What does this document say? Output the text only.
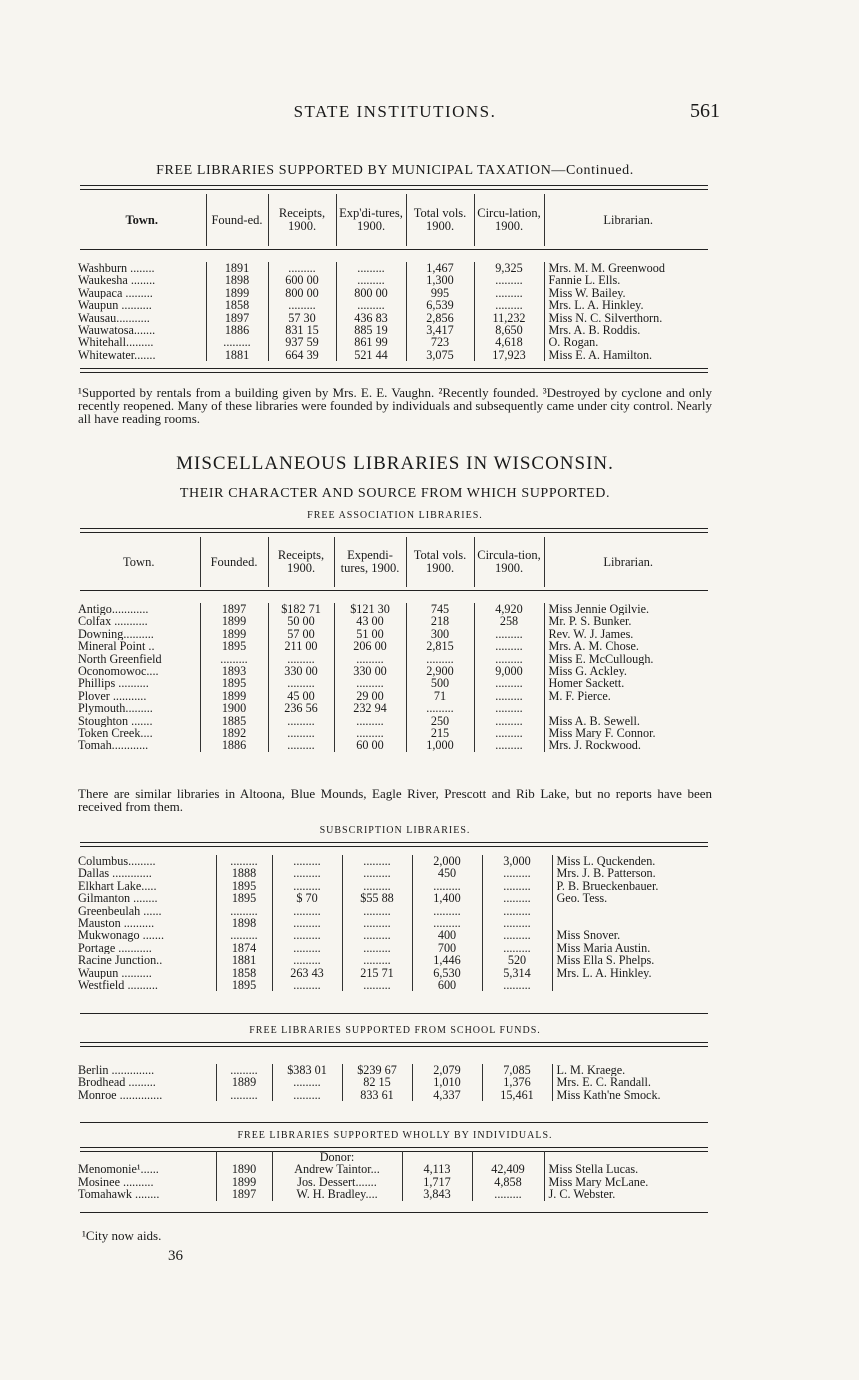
STATE INSTITUTIONS.	561
FREE LIBRARIES SUPPORTED BY MUNICIPAL TAXATION—Continued.
Town.	Found-ed.	Receipts, 1900.	Exp'di-tures, 1900.	Total vols. 1900.	Circu-lation, 1900.	Librarian.
Washburn ........	1891	.........	.........	1,467	9,325	Mrs. M. M. Greenwood
Waukesha ........	1898	600 00	.........	1,300	.........	Fannie L. Ells.
Waupaca .........	1899	800 00	800 00	995	.........	Miss W. Bailey.
Waupun ..........	1858	.........	.........	6,539	.........	Mrs. L. A. Hinkley.
Wausau...........	1897	57 30	436 83	2,856	11,232	Miss N. C. Silverthorn.
Wauwatosa.......	1886	831 15	885 19	3,417	8,650	Mrs. A. B. Roddis.
Whitehall.........	.........	937 59	861 99	723	4,618	O. Rogan.
Whitewater.......	1881	664 39	521 44	3,075	17,923	Miss E. A. Hamilton.
¹Supported by rentals from a building given by Mrs. E. E. Vaughn. ²Recently founded. ³Destroyed by cyclone and only recently reopened. Many of these libraries were founded by individuals and subsequently came under city control. Nearly all have reading rooms.
MISCELLANEOUS LIBRARIES IN WISCONSIN.
THEIR CHARACTER AND SOURCE FROM WHICH SUPPORTED.
FREE ASSOCIATION LIBRARIES.
Town.	Founded.	Receipts, 1900.	Expendi-tures, 1900.	Total vols. 1900.	Circula-tion, 1900.	Librarian.
Antigo............	1897	$182 71	$121 30	745	4,920	Miss Jennie Ogilvie.
Colfax ...........	1899	50 00	43 00	218	258	Mr. P. S. Bunker.
Downing..........	1899	57 00	51 00	300	.........	Rev. W. J. James.
Mineral Point ..	1895	211 00	206 00	2,815	.........	Mrs. A. M. Chose.
North Greenfield	.........	.........	.........	.........	.........	Miss E. McCullough.
Oconomowoc....	1893	330 00	330 00	2,900	9,000	Miss G. Ackley.
Phillips ..........	1895	.........	.........	500	.........	Homer Sackett.
Plover ...........	1899	45 00	29 00	71	.........	M. F. Pierce.
Plymouth.........	1900	236 56	232 94	.........	.........	
Stoughton .......	1885	.........	.........	250	.........	Miss A. B. Sewell.
Token Creek....	1892	.........	.........	215	.........	Miss Mary F. Connor.
Tomah............	1886	.........	60 00	1,000	.........	Mrs. J. Rockwood.
There are similar libraries in Altoona, Blue Mounds, Eagle River, Prescott and Rib Lake, but no reports have been received from them.
SUBSCRIPTION LIBRARIES.
Columbus.........	.........	.........	.........	2,000	3,000	Miss L. Quckenden.
Dallas .............	1888	.........	.........	450	.........	Mrs. J. B. Patterson.
Elkhart Lake.....	1895	.........	.........	.........	.........	P. B. Brueckenbauer.
Gilmanton ........	1895	$ 70	$55 88	1,400	.........	Geo. Tess.
Greenbeulah ......	.........	.........	.........	.........	.........	
Mauston ..........	1898	.........	.........	.........	.........	
Mukwonago .......	.........	.........	.........	400	.........	Miss Snover.
Portage ...........	1874	.........	.........	700	.........	Miss Maria Austin.
Racine Junction..	1881	.........	.........	1,446	520	Miss Ella S. Phelps.
Waupun ..........	1858	263 43	215 71	6,530	5,314	Mrs. L. A. Hinkley.
Westfield ..........	1895	.........	.........	600	.........	
FREE LIBRARIES SUPPORTED FROM SCHOOL FUNDS.
Berlin ..............	.........	$383 01	$239 67	2,079	7,085	L. M. Kraege.
Brodhead .........	1889	.........	82 15	1,010	1,376	Mrs. E. C. Randall.
Monroe ..............	.........	.........	833 61	4,337	15,461	Miss Kath'ne Smock.
FREE LIBRARIES SUPPORTED WHOLLY BY INDIVIDUALS.
		Donor:			
Menomonie¹......	1890	Andrew Taintor...	4,113	42,409	Miss Stella Lucas.
Mosinee ..........	1899	Jos. Dessert.......	1,717	4,858	Miss Mary McLane.
Tomahawk ........	1897	W. H. Bradley....	3,843	.........	J. C. Webster.
¹City now aids.
36
